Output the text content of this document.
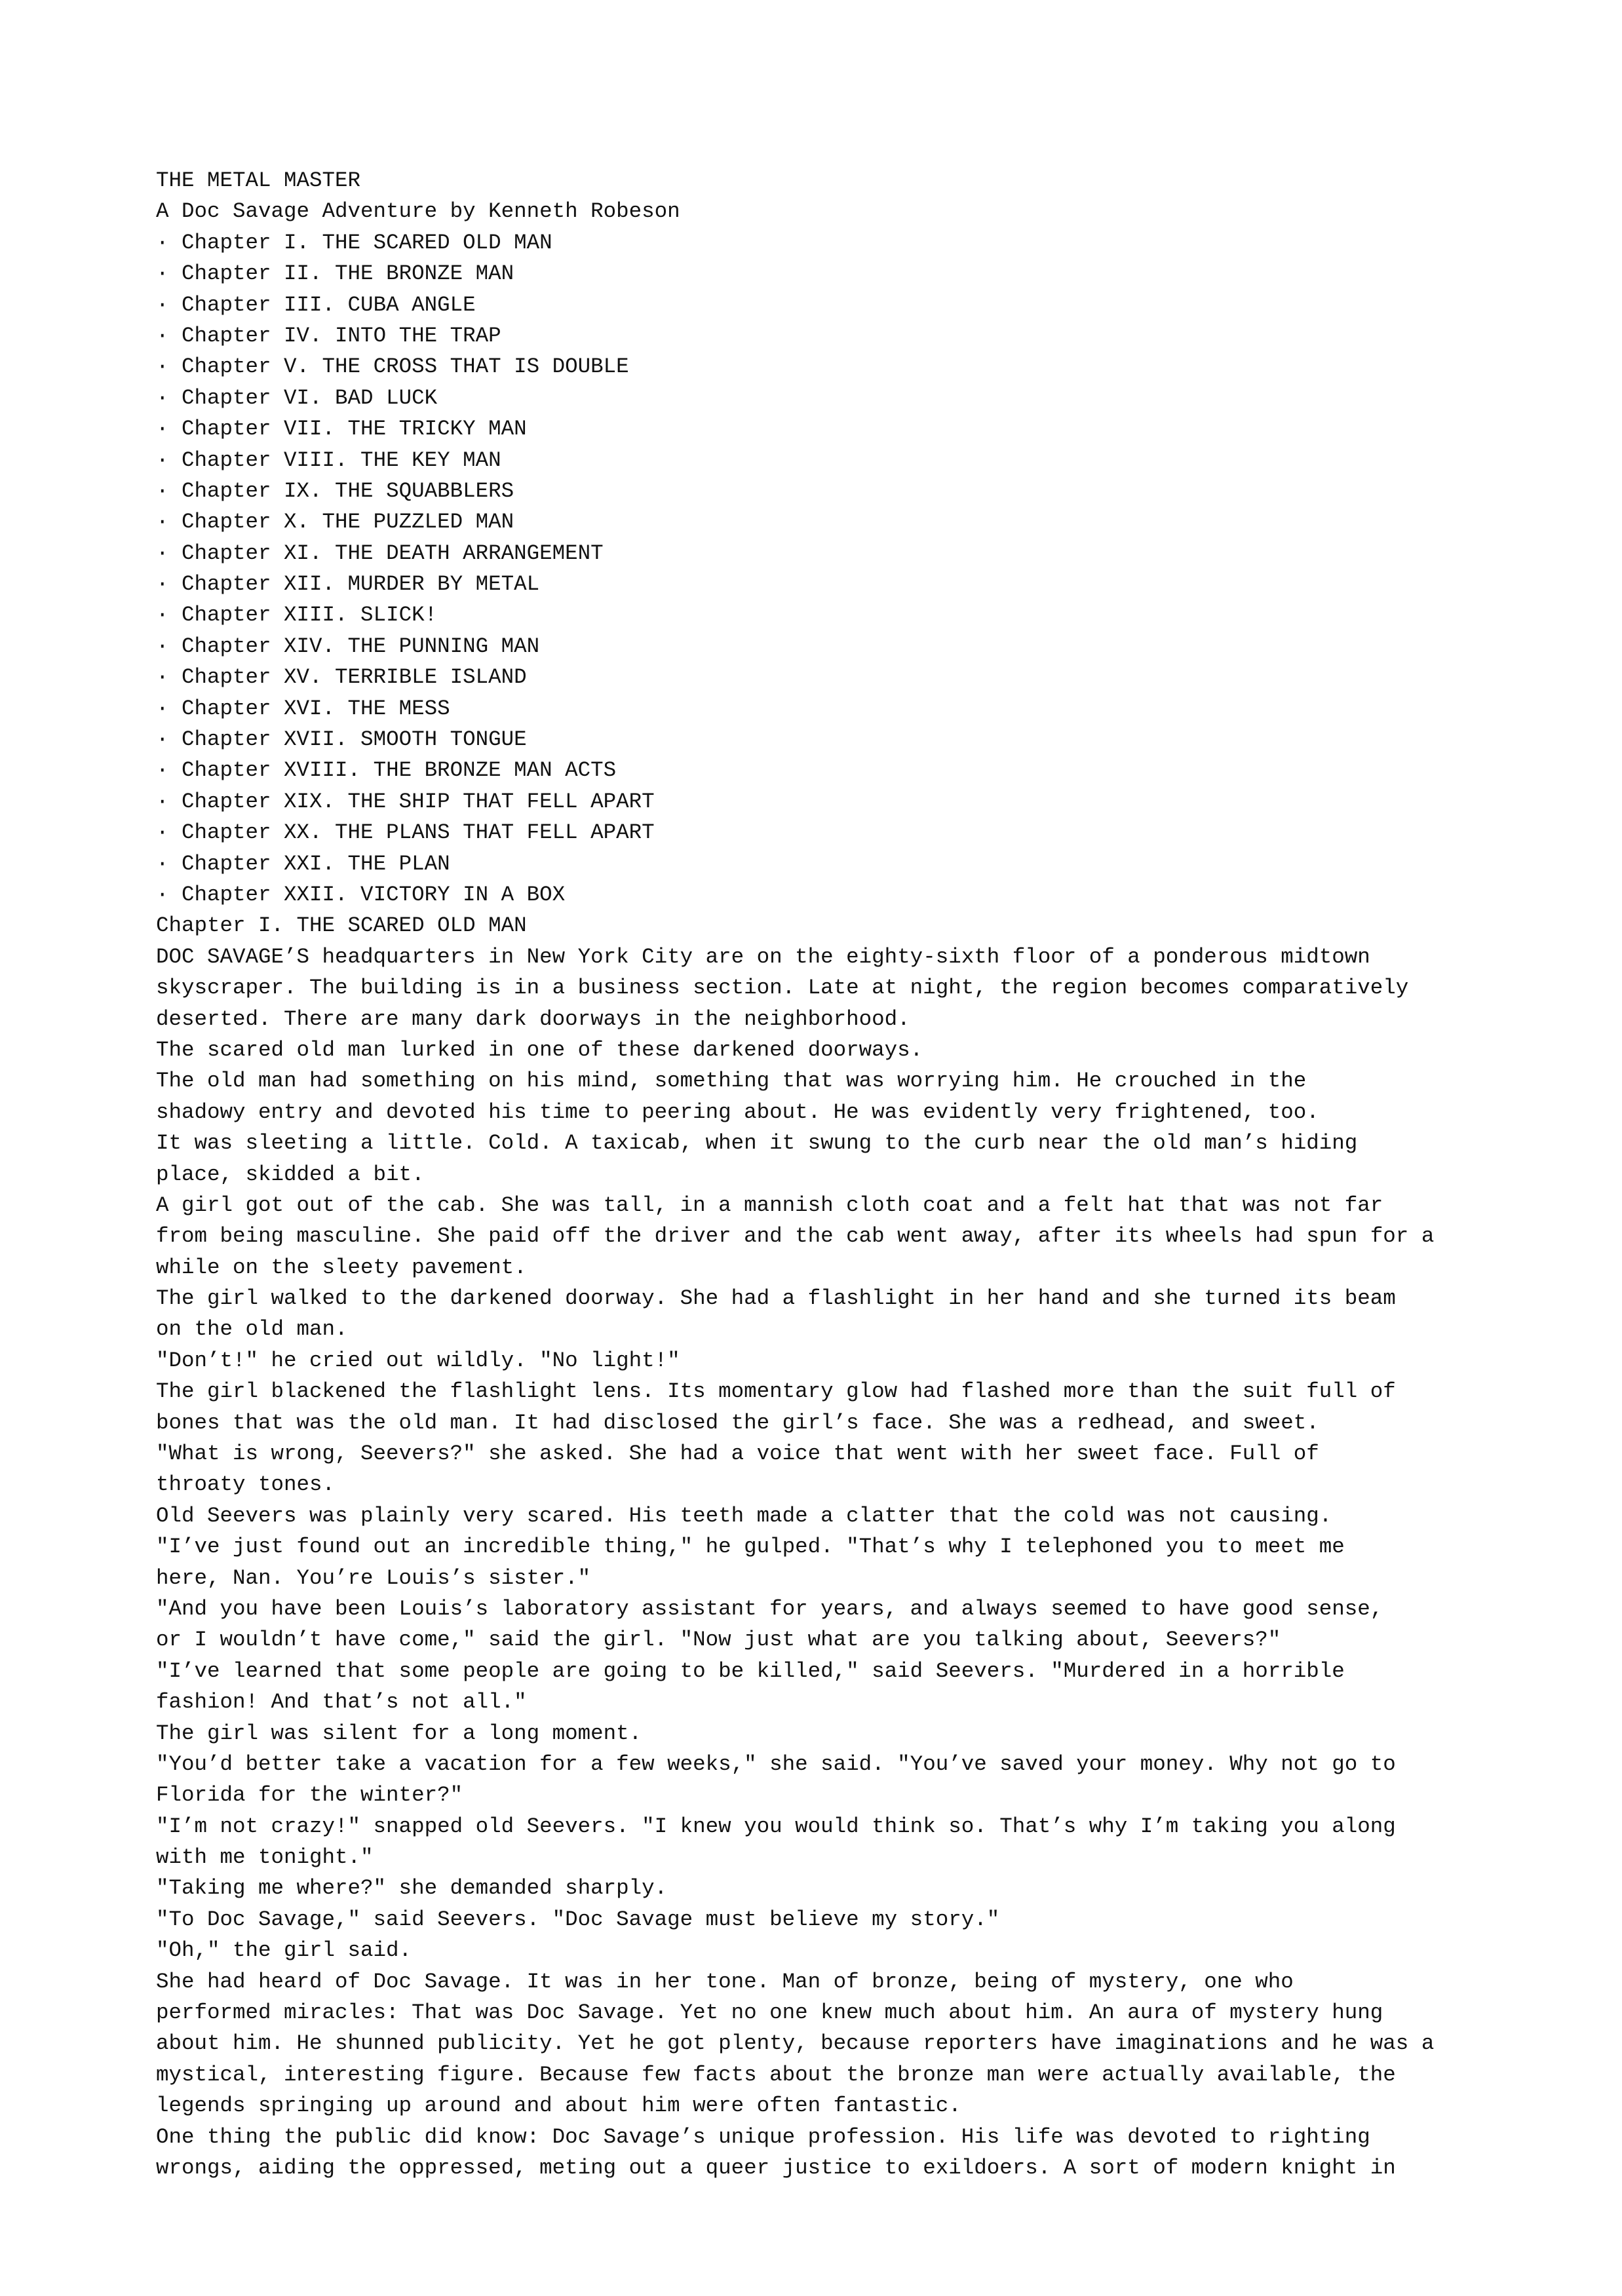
THE METAL MASTER
A Doc Savage Adventure by Kenneth Robeson
· Chapter I. THE SCARED OLD MAN
· Chapter II. THE BRONZE MAN
· Chapter III. CUBA ANGLE
· Chapter IV. INTO THE TRAP
· Chapter V. THE CROSS THAT IS DOUBLE
· Chapter VI. BAD LUCK
· Chapter VII. THE TRICKY MAN
· Chapter VIII. THE KEY MAN
· Chapter IX. THE SQUABBLERS
· Chapter X. THE PUZZLED MAN
· Chapter XI. THE DEATH ARRANGEMENT
· Chapter XII. MURDER BY METAL
· Chapter XIII. SLICK!
· Chapter XIV. THE PUNNING MAN
· Chapter XV. TERRIBLE ISLAND
· Chapter XVI. THE MESS
· Chapter XVII. SMOOTH TONGUE
· Chapter XVIII. THE BRONZE MAN ACTS
· Chapter XIX. THE SHIP THAT FELL APART
· Chapter XX. THE PLANS THAT FELL APART
· Chapter XXI. THE PLAN
· Chapter XXII. VICTORY IN A BOX
Chapter I. THE SCARED OLD MAN
DOC SAVAGE’S headquarters in New York City are on the eighty-sixth floor of a ponderous midtown
skyscraper. The building is in a business section. Late at night, the region becomes comparatively
deserted. There are many dark doorways in the neighborhood.
The scared old man lurked in one of these darkened doorways.
The old man had something on his mind, something that was worrying him. He crouched in the
shadowy entry and devoted his time to peering about. He was evidently very frightened, too.
It was sleeting a little. Cold. A taxicab, when it swung to the curb near the old man’s hiding
place, skidded a bit.
A girl got out of the cab. She was tall, in a mannish cloth coat and a felt hat that was not far
from being masculine. She paid off the driver and the cab went away, after its wheels had spun for a
while on the sleety pavement.
The girl walked to the darkened doorway. She had a flashlight in her hand and she turned its beam
on the old man.
"Don’t!" he cried out wildly. "No light!"
The girl blackened the flashlight lens. Its momentary glow had flashed more than the suit full of
bones that was the old man. It had disclosed the girl’s face. She was a redhead, and sweet.
"What is wrong, Seevers?" she asked. She had a voice that went with her sweet face. Full of
throaty tones.
Old Seevers was plainly very scared. His teeth made a clatter that the cold was not causing.
"I’ve just found out an incredible thing," he gulped. "That’s why I telephoned you to meet me
here, Nan. You’re Louis’s sister."
"And you have been Louis’s laboratory assistant for years, and always seemed to have good sense,
or I wouldn’t have come," said the girl. "Now just what are you talking about, Seevers?"
"I’ve learned that some people are going to be killed," said Seevers. "Murdered in a horrible
fashion! And that’s not all."
The girl was silent for a long moment.
"You’d better take a vacation for a few weeks," she said. "You’ve saved your money. Why not go to
Florida for the winter?"
"I’m not crazy!" snapped old Seevers. "I knew you would think so. That’s why I’m taking you along
with me tonight."
"Taking me where?" she demanded sharply.
"To Doc Savage," said Seevers. "Doc Savage must believe my story."
"Oh," the girl said.
She had heard of Doc Savage. It was in her tone. Man of bronze, being of mystery, one who
performed miracles: That was Doc Savage. Yet no one knew much about him. An aura of mystery hung
about him. He shunned publicity. Yet he got plenty, because reporters have imaginations and he was a
mystical, interesting figure. Because few facts about the bronze man were actually available, the
legends springing up around and about him were often fantastic.
One thing the public did know: Doc Savage’s unique profession. His life was devoted to righting
wrongs, aiding the oppressed, meting out a queer justice to exildoers. A sort of modern knight in
